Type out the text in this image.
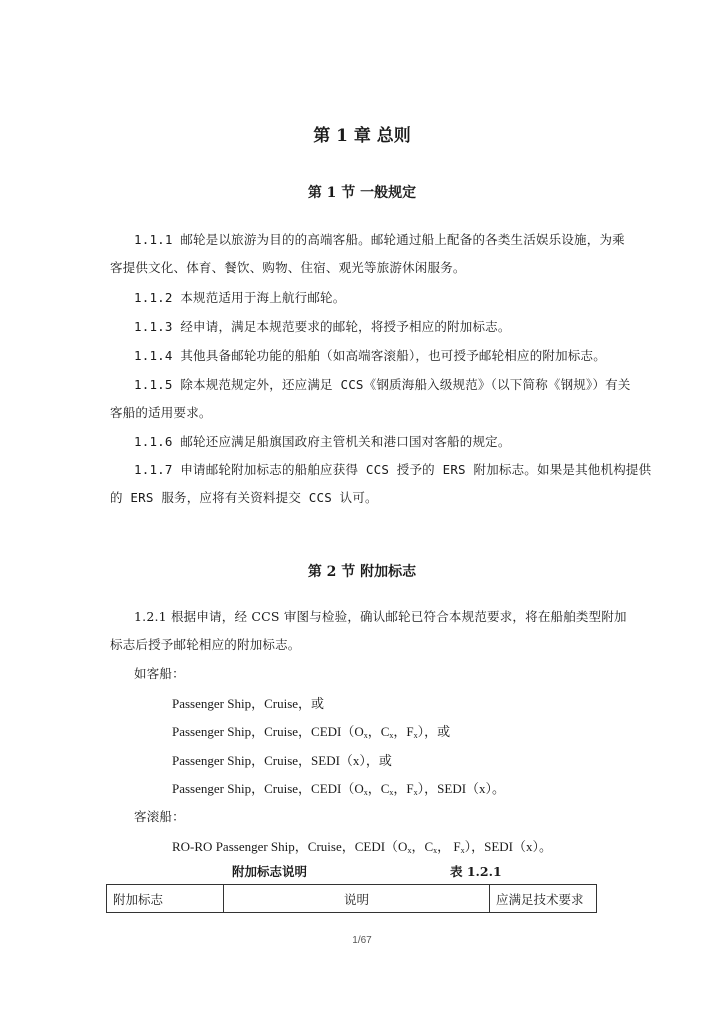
第 1 章 总则
第 1 节 一般规定
1.1.1 邮轮是以旅游为目的的高端客船。邮轮通过船上配备的各类生活娱乐设施，为乘
客提供文化、体育、餐饮、购物、住宿、观光等旅游休闲服务。
1.1.2 本规范适用于海上航行邮轮。
1.1.3 经申请，满足本规范要求的邮轮，将授予相应的附加标志。
1.1.4 其他具备邮轮功能的船舶（如高端客滚船），也可授予邮轮相应的附加标志。
1.1.5 除本规范规定外，还应满足 CCS《钢质海船入级规范》（以下简称《钢规》）有关
客船的适用要求。
1.1.6 邮轮还应满足船旗国政府主管机关和港口国对客船的规定。
1.1.7 申请邮轮附加标志的船舶应获得 CCS 授予的 ERS 附加标志。如果是其他机构提供
的 ERS 服务，应将有关资料提交 CCS 认可。
第 2 节 附加标志
1.2.1 根据申请，经 CCS 审图与检验，确认邮轮已符合本规范要求，将在船舶类型附加
标志后授予邮轮相应的附加标志。
如客船：
Passenger Ship，Cruise，或
Passenger Ship，Cruise，$CEDI(O_x$，$C_x$，$F_x$），或
Passenger Ship，Cruise，SEDI（x），或
Passenger Ship，Cruise，$CEDI(O_x$，$C_x$，$F_x$），SEDI（x）。
客滚船：
RO-RO Passenger Ship，Cruise，$CEDI(O_x$，$C_x$， $F_x$），SEDI（x）。
附加标志说明	表 1.2.1
附加标志	说明	应满足技术要求
1/67
